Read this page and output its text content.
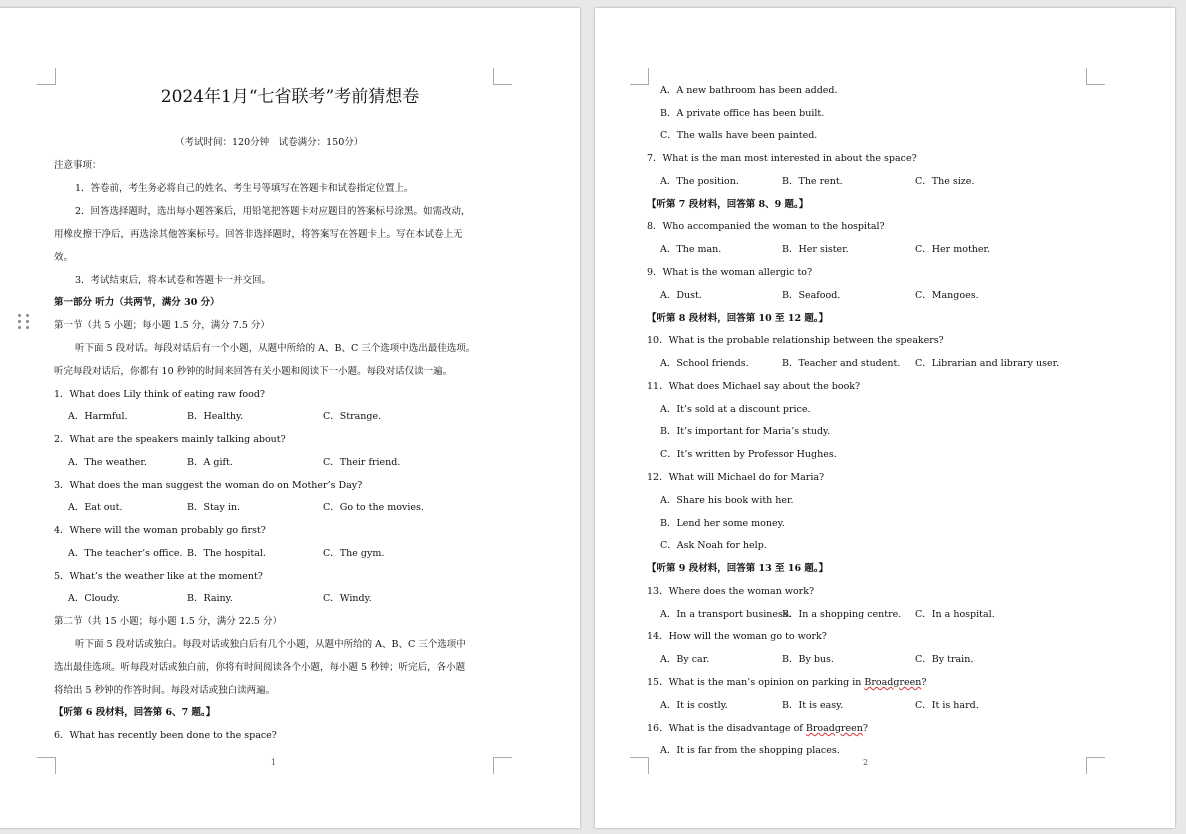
2024年1月“七省联考”考前猜想卷
（考试时间：120分钟　试卷满分：150分）
注意事项：
1．答卷前，考生务必将自己的姓名、考生号等填写在答题卡和试卷指定位置上。
2．回答选择题时，选出每小题答案后，用铅笔把答题卡对应题目的答案标号涂黑。如需改动，
用橡皮擦干净后，再选涂其他答案标号。回答非选择题时，将答案写在答题卡上。写在本试卷上无
效。
3．考试结束后，将本试卷和答题卡一并交回。
第一部分 听力（共两节，满分 30 分）
第一节（共 5 小题；每小题 1.5 分，满分 7.5 分）
听下面 5 段对话。每段对话后有一个小题，从题中所给的 A、B、C 三个选项中选出最佳选项。
听完每段对话后，你都有 10 秒钟的时间来回答有关小题和阅读下一小题。每段对话仅读一遍。
1．What does Lily think of eating raw food?
A．Harmful.	B．Healthy.	C．Strange.
2．What are the speakers mainly talking about?
A．The weather.	B．A gift.	C．Their friend.
3．What does the man suggest the woman do on Mother’s Day?
A．Eat out.	B．Stay in.	C．Go to the movies.
4．Where will the woman probably go first?
A．The teacher’s office. B．The hospital.	C．The gym.
5．What’s the weather like at the moment?
A．Cloudy.	B．Rainy.	C．Windy.
第二节（共 15 小题；每小题 1.5 分，满分 22.5 分）
听下面 5 段对话或独白。每段对话或独白后有几个小题，从题中所给的 A、B、C 三个选项中
选出最佳选项。听每段对话或独白前，你将有时间阅读各个小题，每小题 5 秒钟；听完后，各小题
将给出 5 秒钟的作答时间。每段对话或独白读两遍。
【听第 6 段材料，回答第 6、7 题。】
6．What has recently been done to the space?
1
A．A new bathroom has been added.
B．A private office has been built.
C．The walls have been painted.
7．What is the man most interested in about the space?
A．The position.	B．The rent.	C．The size.
【听第 7 段材料，回答第 8、9 题。】
8．Who accompanied the woman to the hospital?
A．The man.	B．Her sister.	C．Her mother.
9．What is the woman allergic to?
A．Dust.	B．Seafood.	C．Mangoes.
【听第 8 段材料，回答第 10 至 12 题。】
10．What is the probable relationship between the speakers?
A．School friends.	B．Teacher and student. C．Librarian and library user.
11．What does Michael say about the book?
A．It’s sold at a discount price.
B．It’s important for Maria’s study.
C．It’s written by Professor Hughes.
12．What will Michael do for Maria?
A．Share his book with her.
B．Lend her some money.
C．Ask Noah for help.
【听第 9 段材料，回答第 13 至 16 题。】
13．Where does the woman work?
A．In a transport business.
B．In a shopping centre. C．In a hospital.
14．How will the woman go to work?
A．By car.	B．By bus.	C．By train.
15．What is the man’s opinion on parking in Broadgreen?
A．It is costly.	B．It is easy.	C．It is hard.
16．What is the disadvantage of Broadgreen?
A．It is far from the shopping places.
2
